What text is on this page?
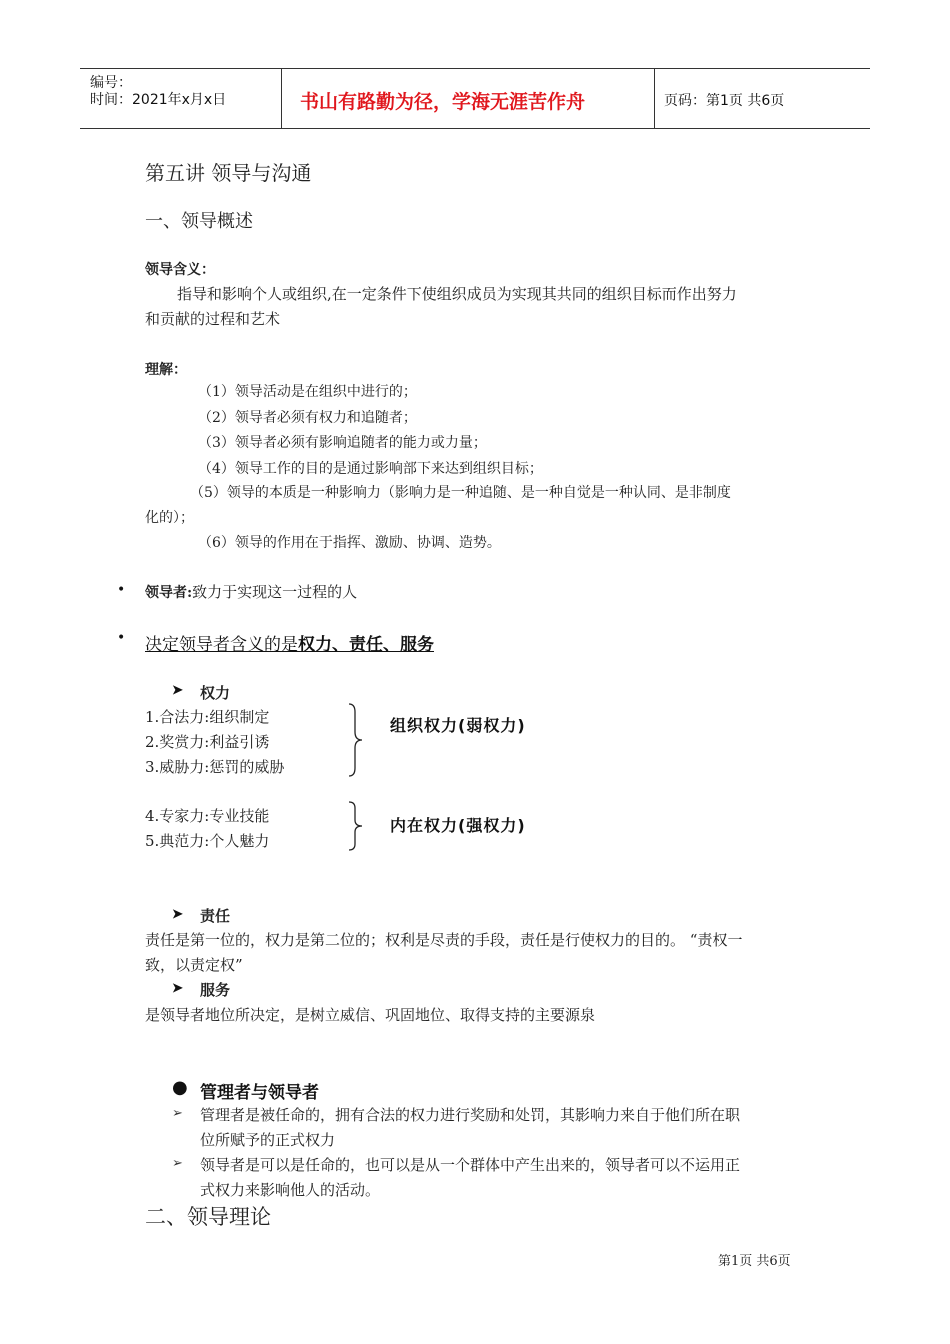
编号：
时间：2021年x月x日	书山有路勤为径，学海无涯苦作舟	页码：第1页 共6页
第五讲 领导与沟通
一、领导概述
领导含义：
指导和影响个人或组织,在一定条件下使组织成员为实现其共同的组织目标而作出努力
和贡献的过程和艺术
理解：
（1）领导活动是在组织中进行的；
（2）领导者必须有权力和追随者；
（3）领导者必须有影响追随者的能力或力量；
（4）领导工作的目的是通过影响部下来达到组织目标；
（5）领导的本质是一种影响力（影响力是一种追随、是一种自觉是一种认同、是非制度
化的）；
（6）领导的作用在于指挥、激励、协调、造势。
• 领导者:致力于实现这一过程的人
• 决定领导者含义的是权力、责任、服务
➤ 权力
1.合法力:组织制定
2.奖赏力:利益引诱
3.威胁力:惩罚的威胁
组织权力(弱权力)
4.专家力:专业技能
5.典范力:个人魅力
内在权力(强权力)
➤ 责任
责任是第一位的，权力是第二位的；权利是尽责的手段，责任是行使权力的目的。 “责权一
致，以责定权”
➤ 服务
是领导者地位所决定，是树立威信、巩固地位、取得支持的主要源泉
● 管理者与领导者
➢ 管理者是被任命的，拥有合法的权力进行奖励和处罚，其影响力来自于他们所在职
位所赋予的正式权力
➢ 领导者是可以是任命的，也可以是从一个群体中产生出来的，领导者可以不运用正
式权力来影响他人的活动。
二、领导理论
第1页 共6页
